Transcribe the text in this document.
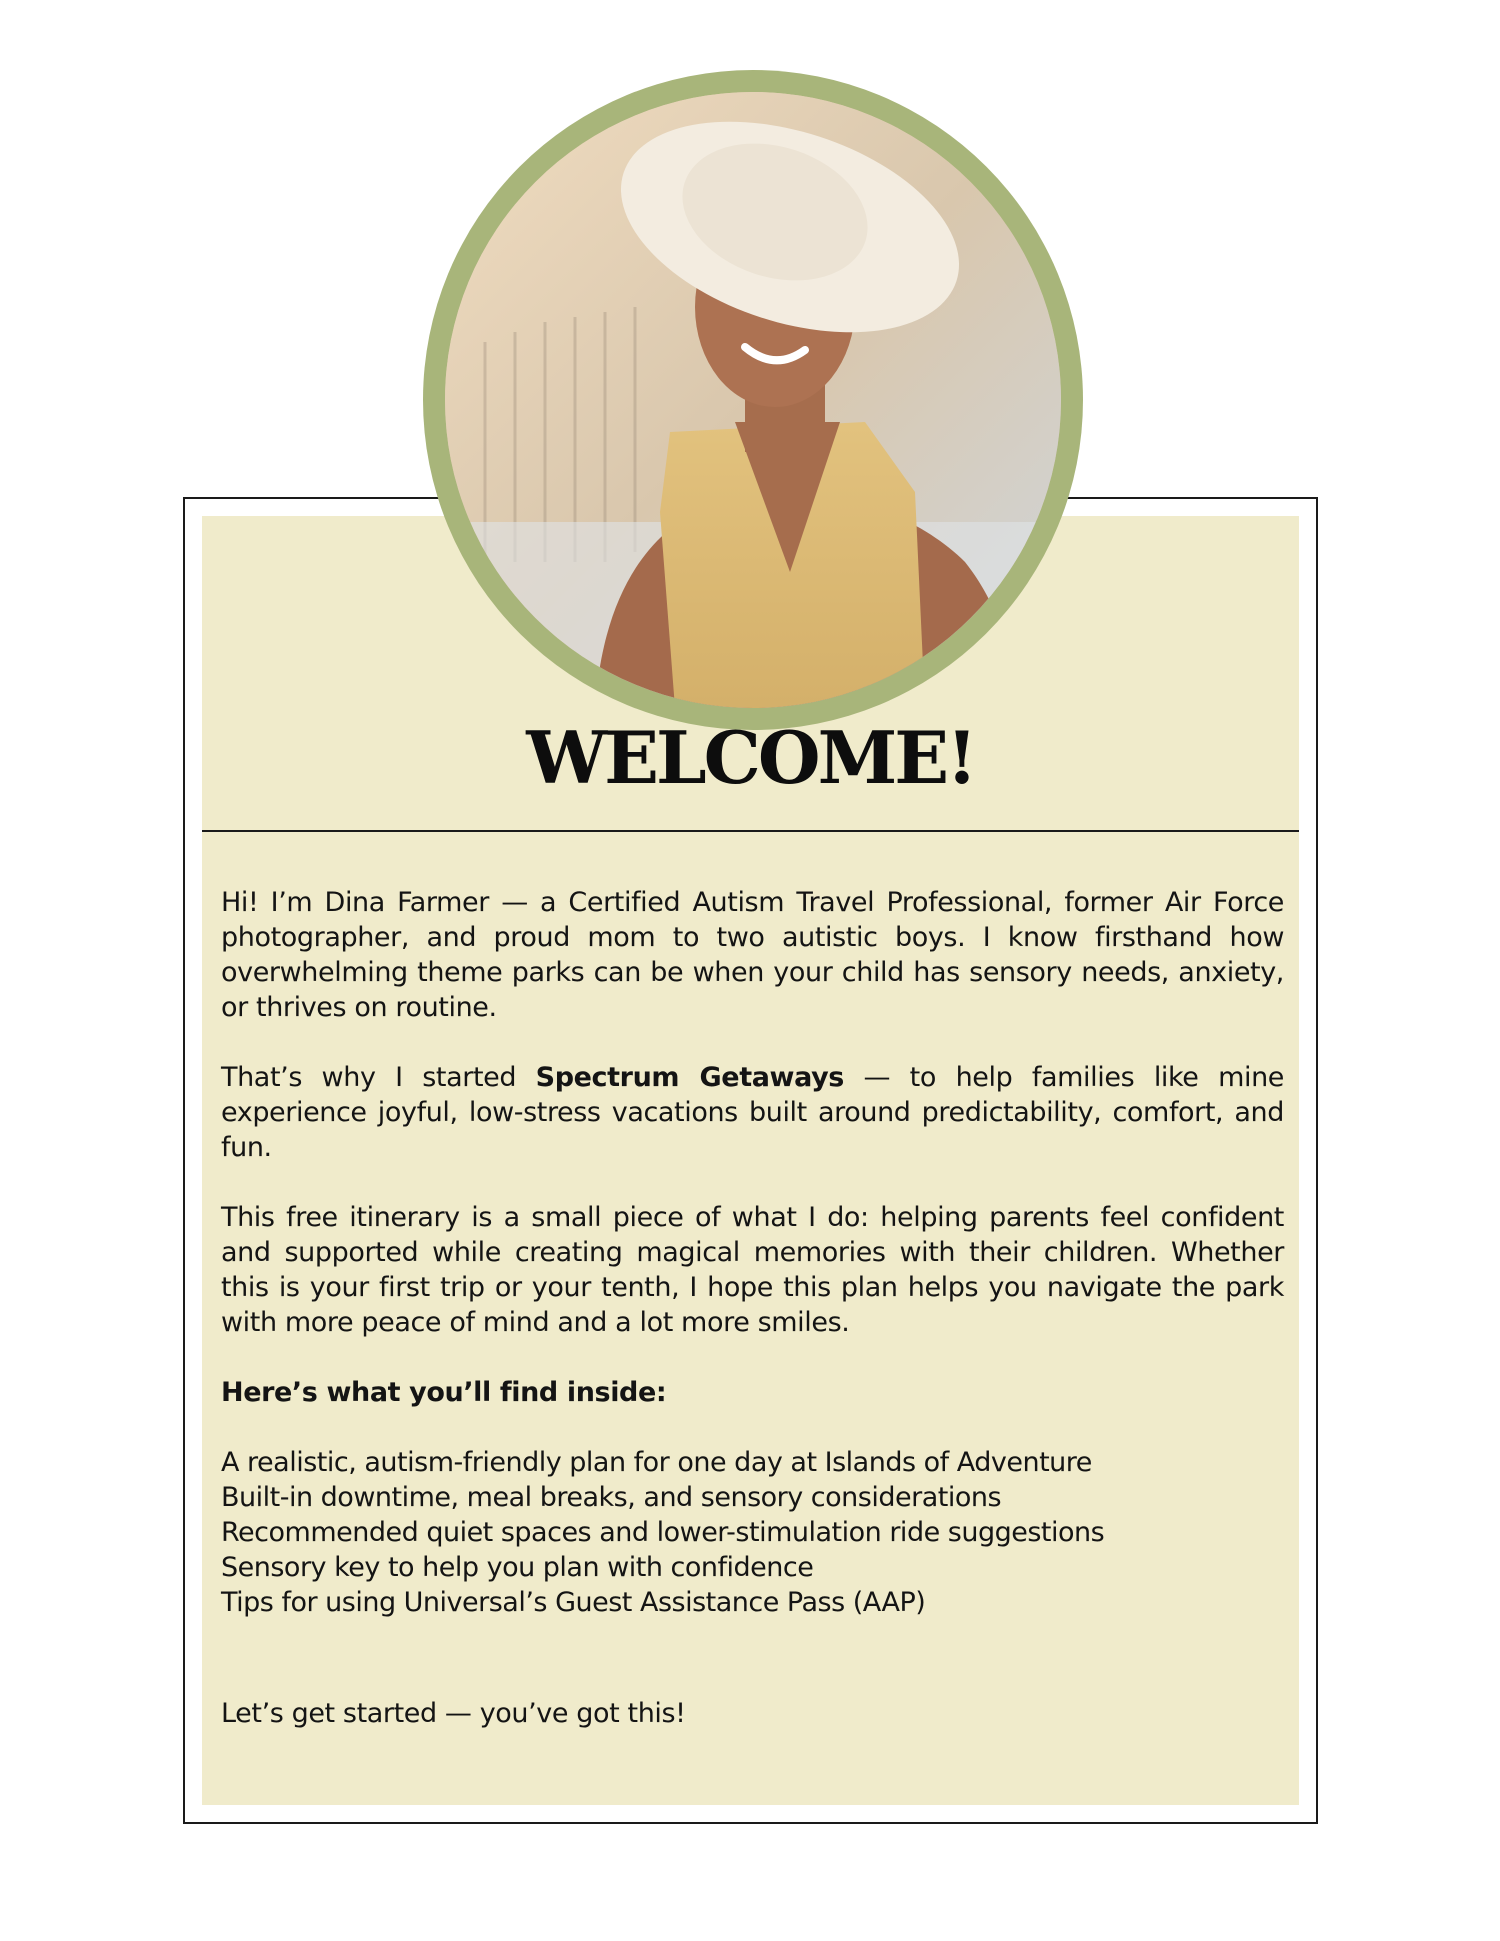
WELCOME!

Hi! I’m Dina Farmer — a Certified Autism Travel Professional, former Air Force photographer, and proud mom to two autistic boys. I know firsthand how overwhelming theme parks can be when your child has sensory needs, anxiety, or thrives on routine.

That’s why I started Spectrum Getaways — to help families like mine experience joyful, low-stress vacations built around predictability, comfort, and fun.

This free itinerary is a small piece of what I do: helping parents feel confident and supported while creating magical memories with their children. Whether this is your first trip or your tenth, I hope this plan helps you navigate the park with more peace of mind and a lot more smiles.

Here’s what you’ll find inside:

A realistic, autism-friendly plan for one day at Islands of Adventure
Built-in downtime, meal breaks, and sensory considerations
Recommended quiet spaces and lower-stimulation ride suggestions
Sensory key to help you plan with confidence
Tips for using Universal’s Guest Assistance Pass (AAP)
Let’s get started — you’ve got this!
